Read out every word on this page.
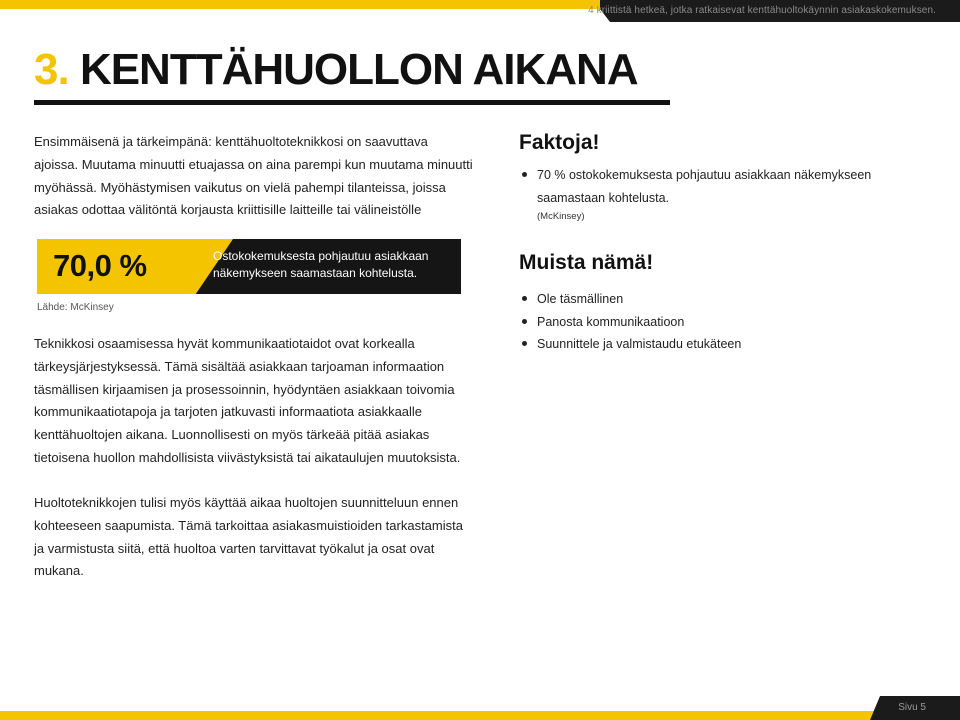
4 kriittistä hetkeä, jotka ratkaisevat kenttähuoltokäynnin asiakaskokemuksen.
3. KENTTÄHUOLLON AIKANA

Ensimmäisenä ja tärkeimpänä: kenttähuoltoteknikkosi on saavuttava ajoissa. Muutama minuutti etuajassa on aina parempi kun muutama minuutti myöhässä. Myöhästymisen vaikutus on vielä pahempi tilanteissa, joissa asiakas odottaa välitöntä korjausta kriittisille laitteille tai välineistölle

70,0 %	Ostokokemuksesta pohjautuu asiakkaan näkemykseen saamastaan kohtelusta.
Lähde: McKinsey

Teknikkosi osaamisessa hyvät kommunikaatiotaidot ovat korkealla tärkeysjärjestyksessä. Tämä sisältää asiakkaan tarjoaman informaation täsmällisen kirjaamisen ja prosessoinnin, hyödyntäen asiakkaan toivomia kommunikaatiotapoja ja tarjoten jatkuvasti informaatiota asiakkaalle kenttähuoltojen aikana. Luonnollisesti on myös tärkeää pitää asiakas tietoisena huollon mahdollisista viivästyksistä tai aikataulujen muutoksista.

Huoltoteknikkojen tulisi myös käyttää aikaa huoltojen suunnitteluun ennen kohteeseen saapumista. Tämä tarkoittaa asiakasmuistioiden tarkastamista ja varmistusta siitä, että huoltoa varten tarvittavat työkalut ja osat ovat mukana.

Faktoja!
70 % ostokokemuksesta pohjautuu asiakkaan näkemykseen saamastaan kohtelusta.
(McKinsey)
Muista nämä!
Ole täsmällinen
Panosta kommunikaatioon
Suunnittele ja valmistaudu etukäteen
Sivu 5
